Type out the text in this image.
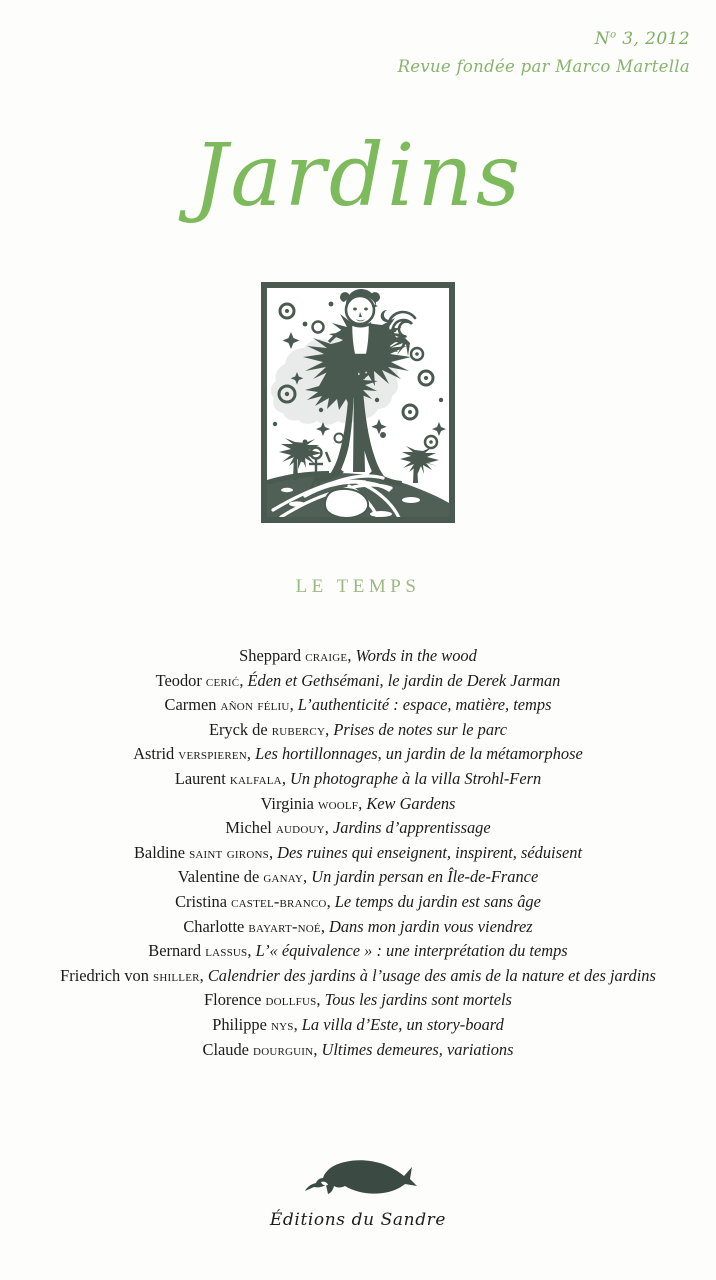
$N^o$ 3, 2012
Revue fondée par Marco Martella
Jardins
LE TEMPS
Sheppard craige, Words in the wood
Teodor cerić, Éden et Gethsémani, le jardin de Derek Jarman
Carmen añon féliu, L’authenticité : espace, matière, temps
Eryck de rubercy, Prises de notes sur le parc
Astrid verspieren, Les hortillonnages, un jardin de la métamorphose
Laurent kalfala, Un photographe à la villa Strohl-Fern
Virginia woolf, Kew Gardens
Michel audouy, Jardins d’apprentissage
Baldine saint girons, Des ruines qui enseignent, inspirent, séduisent
Valentine de ganay, Un jardin persan en Île-de-France
Cristina castel-branco, Le temps du jardin est sans âge
Charlotte bayart-noé, Dans mon jardin vous viendrez
Bernard lassus, L’« équivalence » : une interprétation du temps
Friedrich von shiller, Calendrier des jardins à l’usage des amis de la nature et des jardins
Florence dollfus, Tous les jardins sont mortels
Philippe nys, La villa d’Este, un story-board
Claude dourguin, Ultimes demeures, variations
Éditions du Sandre
